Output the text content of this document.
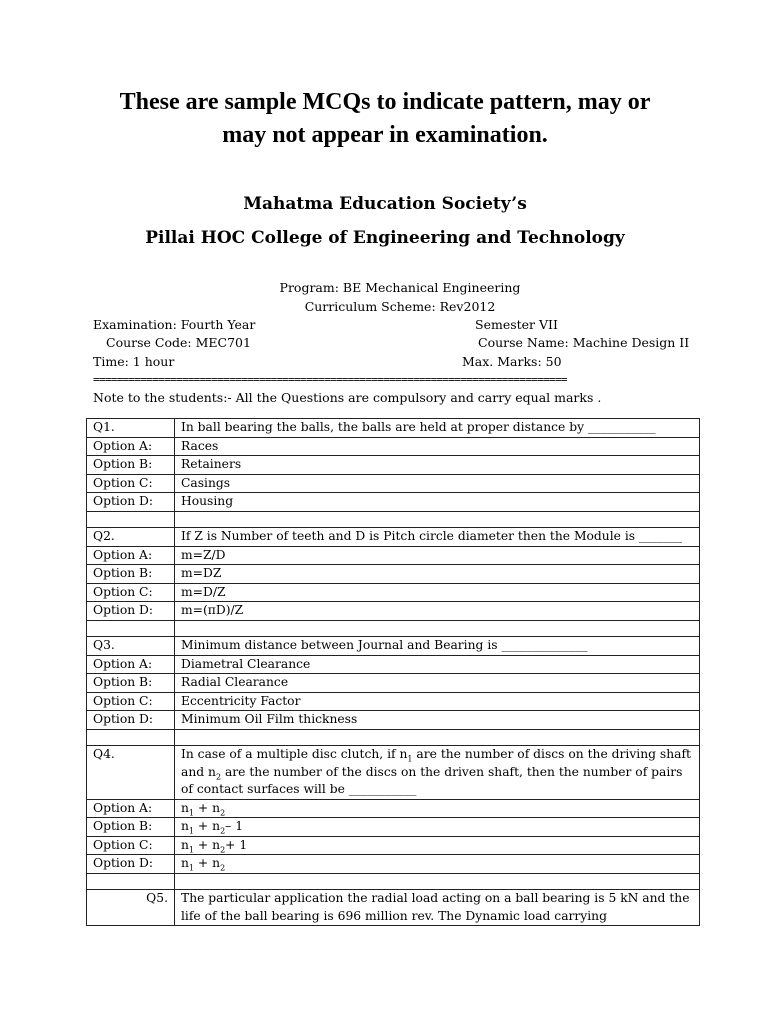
These are sample MCQs to indicate pattern, may or
may not appear in examination.
Mahatma Education Society’s
Pillai HOC College of Engineering and Technology
Program: BE Mechanical Engineering
Curriculum Scheme: Rev2012
Examination: Fourth Year	Semester VII
Course Code: MEC701	Course Name: Machine Design II
Time: 1 hour	Max. Marks: 50
================================================================================
Note to the students:- All the Questions are compulsory and carry equal marks .
Q1.	In ball bearing the balls, the balls are held at proper distance by ___________
Option A:	Races
Option B:	Retainers
Option C:	Casings
Option D:	Housing

Q2.	If Z is Number of teeth and D is Pitch circle diameter then the Module is _______
Option A:	m=Z/D
Option B:	m=DZ
Option C:	m=D/Z
Option D:	m=(πD)/Z

Q3.	Minimum distance between Journal and Bearing is ______________
Option A:	Diametral Clearance
Option B:	Radial Clearance
Option C:	Eccentricity Factor
Option D:	Minimum Oil Film thickness

Q4.	In case of a multiple disc clutch, if $n_1$ are the number of discs on the driving shaft and $n_2$ are the number of the discs on the driven shaft, then the number of pairs of contact surfaces will be ___________
Option A:	$n_1 + n_2$
Option B:	$n_1 + n_2-$ 1
Option C:	$n_1 + n_2+ 1$
Option D:	$n_1 + n_2$

Q5.	The particular application the radial load acting on a ball bearing is 5 kN and the life of the ball bearing is 696 million rev. The Dynamic load carrying
